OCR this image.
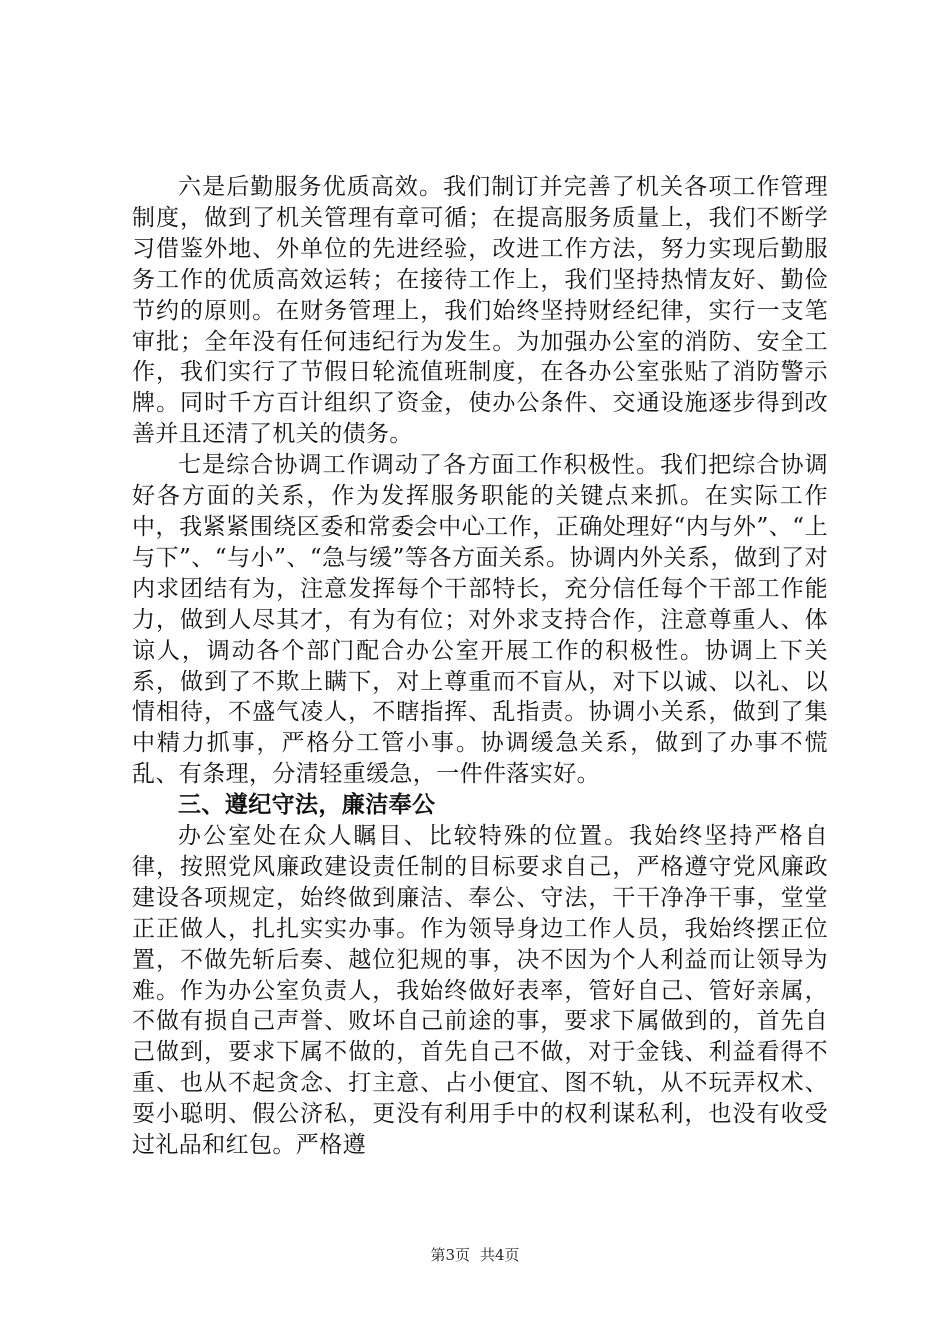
六是后勤服务优质高效。我们制订并完善了机关各项工作管理制度，做到了机关管理有章可循；在提高服务质量上，我们不断学习借鉴外地、外单位的先进经验，改进工作方法，努力实现后勤服务工作的优质高效运转；在接待工作上，我们坚持热情友好、勤俭节约的原则。在财务管理上，我们始终坚持财经纪律，实行一支笔审批；全年没有任何违纪行为发生。为加强办公室的消防、安全工作，我们实行了节假日轮流值班制度，在各办公室张贴了消防警示牌。同时千方百计组织了资金，使办公条件、交通设施逐步得到改善并且还清了机关的债务。

七是综合协调工作调动了各方面工作积极性。我们把综合协调好各方面的关系，作为发挥服务职能的关键点来抓。在实际工作中，我紧紧围绕区委和常委会中心工作，正确处理好“内与外”、“上与下”、“与小”、“急与缓”等各方面关系。协调内外关系，做到了对内求团结有为，注意发挥每个干部特长，充分信任每个干部工作能力，做到人尽其才，有为有位；对外求支持合作，注意尊重人、体谅人，调动各个部门配合办公室开展工作的积极性。协调上下关系，做到了不欺上瞒下，对上尊重而不盲从，对下以诚、以礼、以情相待，不盛气凌人，不瞎指挥、乱指责。协调小关系，做到了集中精力抓事，严格分工管小事。协调缓急关系，做到了办事不慌乱、有条理，分清轻重缓急，一件件落实好。

三、遵纪守法，廉洁奉公

办公室处在众人瞩目、比较特殊的位置。我始终坚持严格自律，按照党风廉政建设责任制的目标要求自己，严格遵守党风廉政建设各项规定，始终做到廉洁、奉公、守法，干干净净干事，堂堂正正做人，扎扎实实办事。作为领导身边工作人员，我始终摆正位置，不做先斩后奏、越位犯规的事，决不因为个人利益而让领导为难。作为办公室负责人，我始终做好表率，管好自己、管好亲属，不做有损自己声誉、败坏自己前途的事，要求下属做到的，首先自己做到，要求下属不做的，首先自己不做，对于金钱、利益看得不重、也从不起贪念、打主意、占小便宜、图不轨，从不玩弄权术、耍小聪明、假公济私，更没有利用手中的权利谋私利，也没有收受过礼品和红包。严格遵

第3页 共4页
